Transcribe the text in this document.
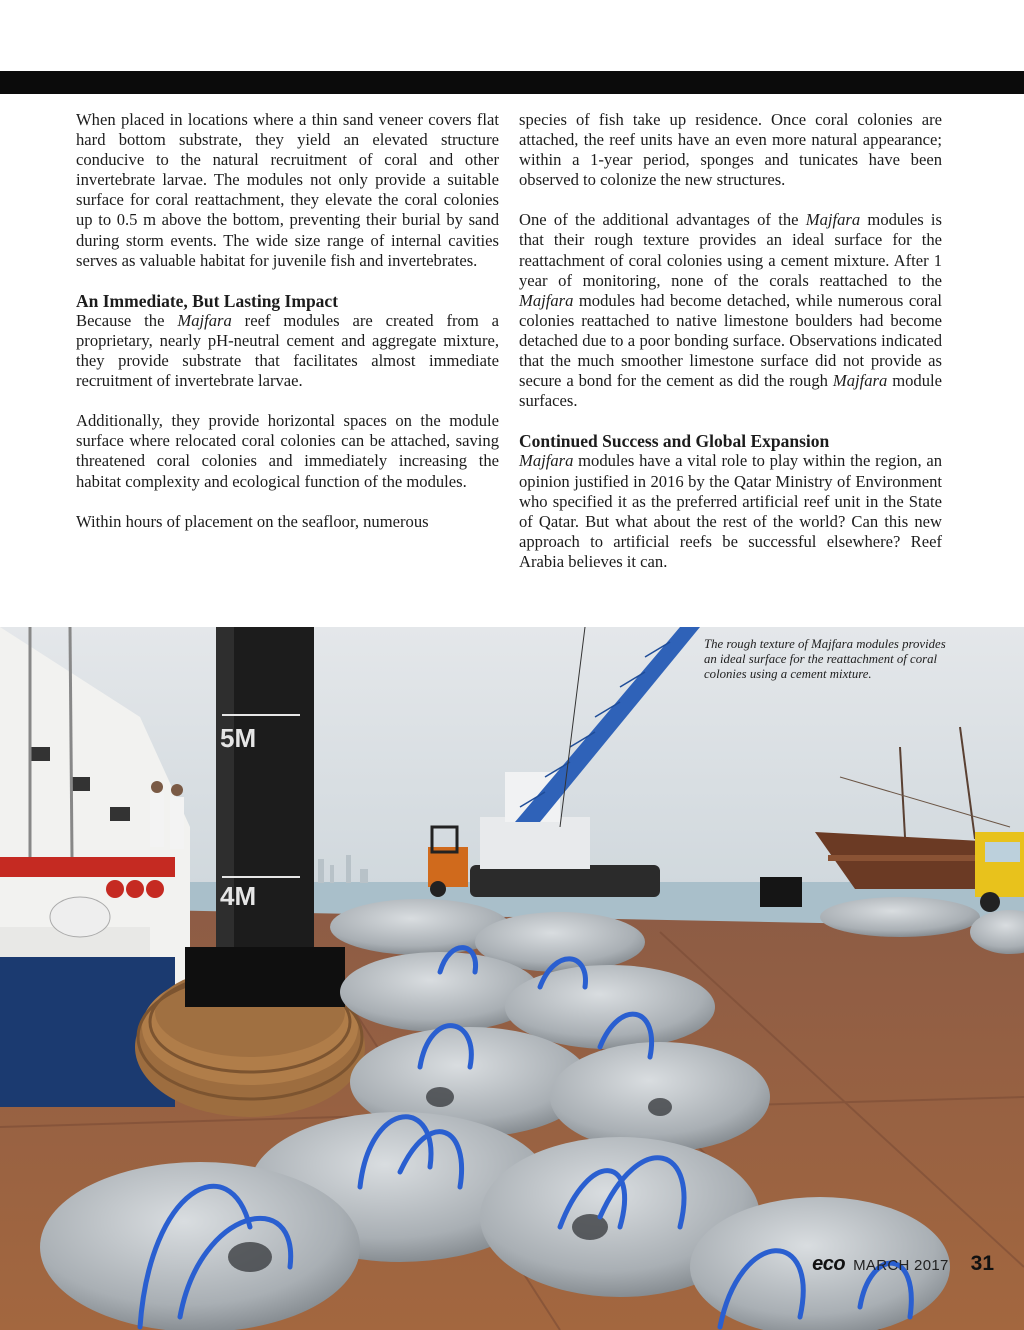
When placed in locations where a thin sand veneer covers flat hard bottom substrate, they yield an elevated structure conducive to the natural recruitment of coral and other invertebrate larvae. The modules not only provide a suitable surface for coral reattachment, they elevate the coral colonies up to 0.5 m above the bottom, preventing their burial by sand during storm events. The wide size range of internal cavities serves as valuable habitat for juvenile fish and invertebrates.

An Immediate, But Lasting Impact

Because the Majfara reef modules are created from a proprietary, nearly pH-neutral cement and aggregate mixture, they provide substrate that facilitates almost immediate recruitment of invertebrate larvae.

Additionally, they provide horizontal spaces on the module surface where relocated coral colonies can be attached, saving threatened coral colonies and immediately increasing the habitat complexity and ecological function of the modules.

Within hours of placement on the seafloor, numerous

species of fish take up residence. Once coral colonies are attached, the reef units have an even more natural appearance; within a 1-year period, sponges and tunicates have been observed to colonize the new structures.

One of the additional advantages of the Majfara modules is that their rough texture provides an ideal surface for the reattachment of coral colonies using a cement mixture. After 1 year of monitoring, none of the corals reattached to the Majfara modules had become detached, while numerous coral colonies reattached to native limestone boulders had become detached due to a poor bonding surface. Observations indicated that the much smoother limestone surface did not provide as secure a bond for the cement as did the rough Majfara module surfaces.

Continued Success and Global Expansion

Majfara modules have a vital role to play within the region, an opinion justified in 2016 by the Qatar Ministry of Environment who specified it as the preferred artificial reef unit in the State of Qatar. But what about the rest of the world? Can this new approach to artificial reefs be successful elsewhere? Reef Arabia believes it can.

5M
4M
The rough texture of Majfara modules provides an ideal surface for the reattachment of coral colonies using a cement mixture.
eco MARCH 2017 31
